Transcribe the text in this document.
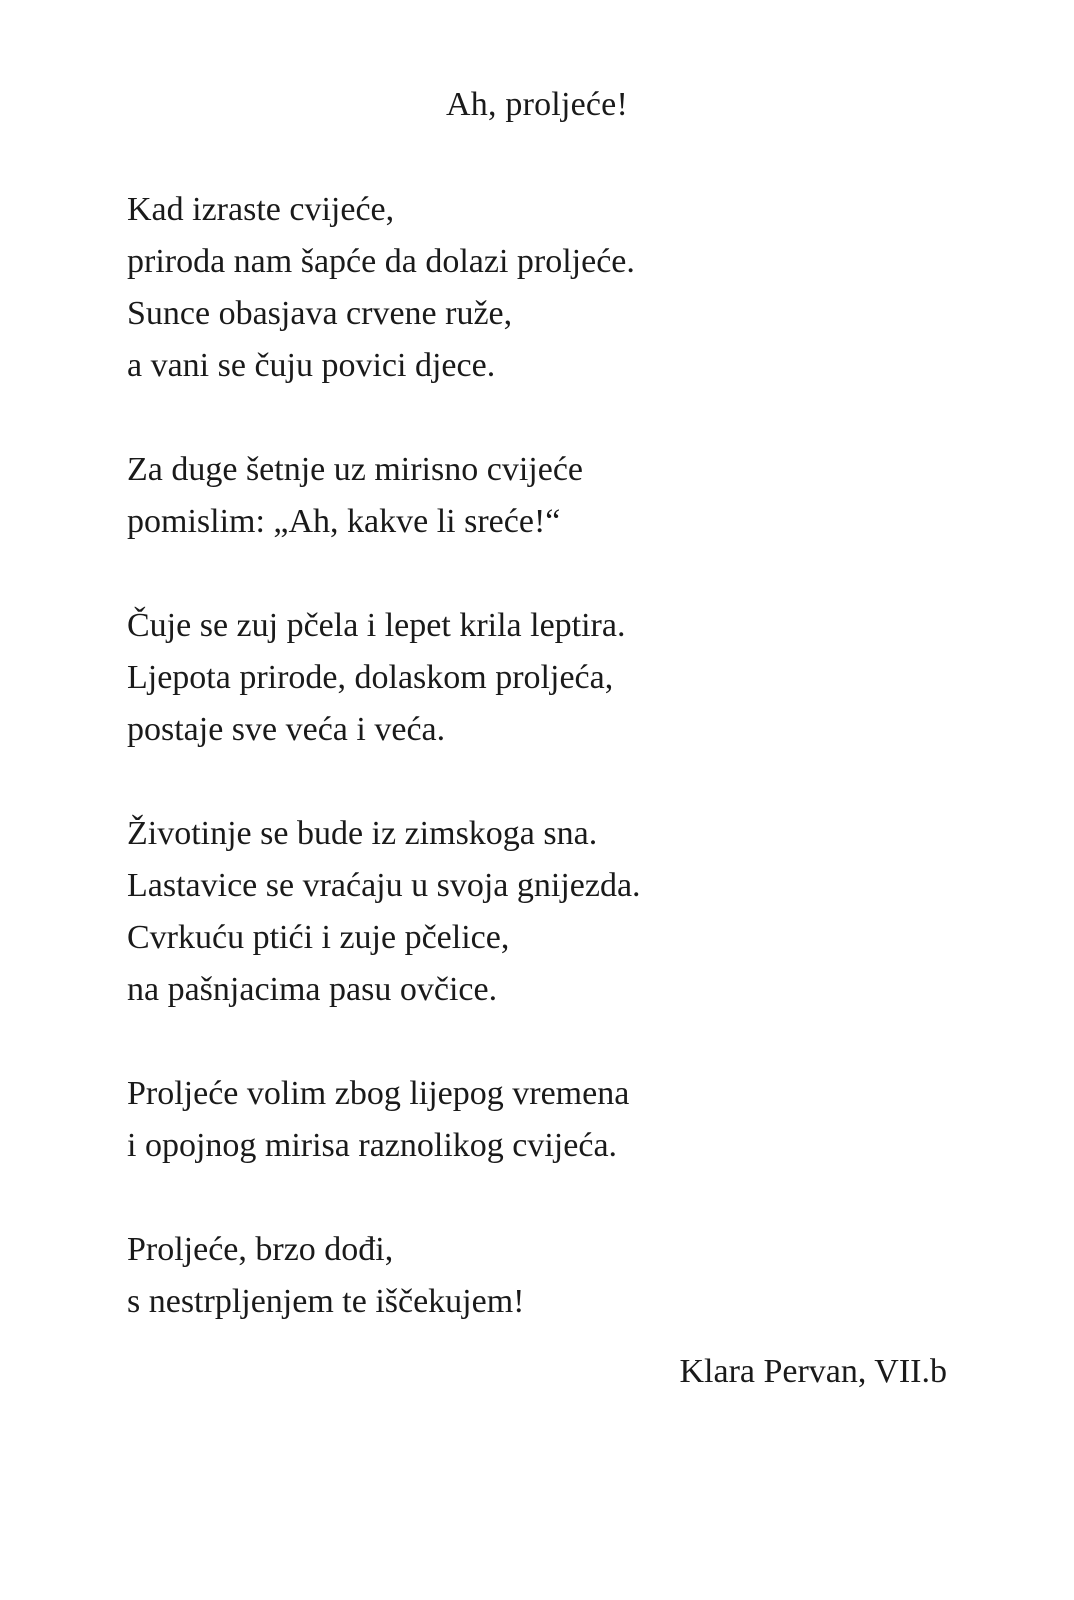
Ah, proljeće!

Kad izraste cvijeće,

priroda nam šapće da dolazi proljeće.

Sunce obasjava crvene ruže,

a vani se čuju povici djece.

Za duge šetnje uz mirisno cvijeće

pomislim: „Ah, kakve li sreće!“

Čuje se zuj pčela i lepet krila leptira.

Ljepota prirode, dolaskom proljeća,

postaje sve veća i veća.

Životinje se bude iz zimskoga sna.

Lastavice se vraćaju u svoja gnijezda.

Cvrkuću ptići i zuje pčelice,

na pašnjacima pasu ovčice.

Proljeće volim zbog lijepog vremena

i opojnog mirisa raznolikog cvijeća.

Proljeće, brzo dođi,

s nestrpljenjem te iščekujem!

Klara Pervan, VII.b
